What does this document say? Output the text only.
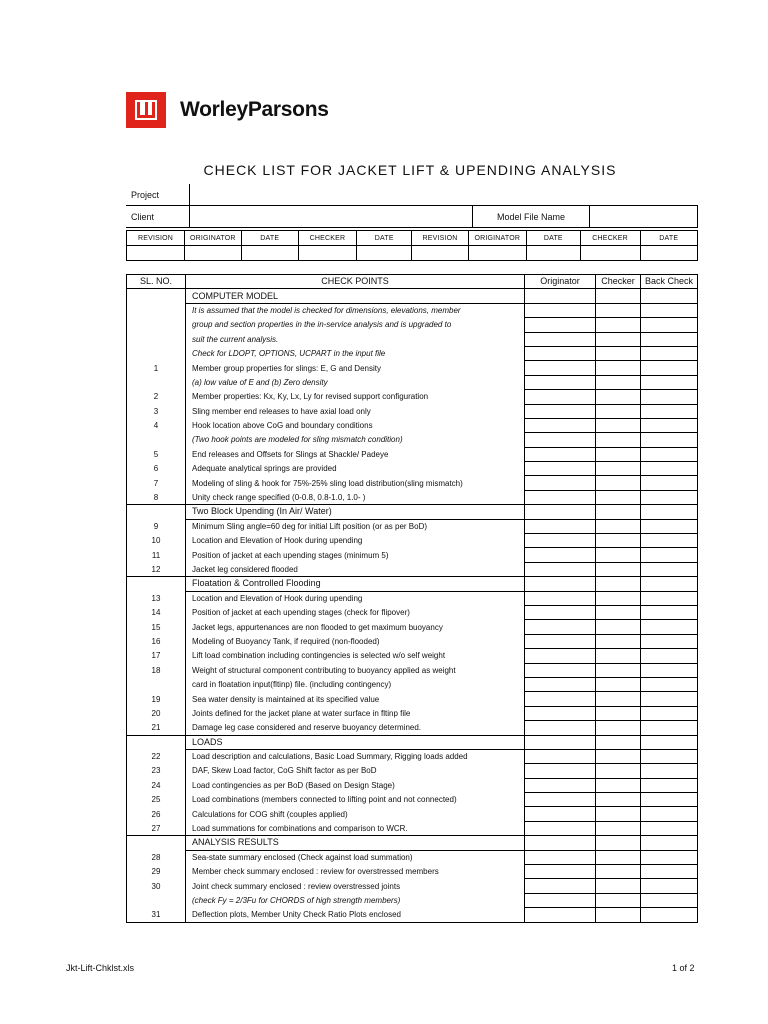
WorleyParsons
CHECK LIST FOR JACKET LIFT & UPENDING ANALYSIS
Project			
Client		Model File Name	
REVISION	ORIGINATOR	DATE	CHECKER	DATE	REVISION	ORIGINATOR	DATE	CHECKER	DATE

SL. NO.	CHECK POINTS	Originator	Checker	Back Check
	COMPUTER MODEL			
	It is assumed that the model is checked for dimensions, elevations, member			
	group and section properties in the in-service analysis and is upgraded to			
	suit the current analysis.			
	Check for LDOPT, OPTIONS, UCPART in the input file			
1	Member group properties for slings: E, G and Density			
	(a) low value of E and (b) Zero density			
2	Member properties: Kx, Ky, Lx, Ly for revised support configuration			
3	Sling member end releases to have axial load only			
4	Hook location above CoG and boundary conditions			
	(Two hook points are modeled for sling mismatch condition)			
5	End releases and Offsets for Slings at Shackle/ Padeye			
6	Adequate analytical springs are provided			
7	Modeling of sling & hook for 75%-25% sling load distribution(sling mismatch)			
8	Unity check range specified (0-0.8, 0.8-1.0, 1.0- )			
	Two Block Upending (In Air/ Water)			
9	Minimum Sling angle=60 deg for initial Lift position (or as per BoD)			
10	Location and Elevation of Hook during upending			
11	Position of jacket at each upending stages (minimum 5)			
12	Jacket leg considered flooded			
	Floatation & Controlled Flooding			
13	Location and Elevation of Hook during upending			
14	Position of jacket at each upending stages (check for flipover)			
15	Jacket legs, appurtenances are non flooded to get maximum buoyancy			
16	Modeling of Buoyancy Tank, if required (non-flooded)			
17	Lift load combination including contingencies is selected w/o self weight			
18	Weight of structural component contributing to buoyancy applied as weight			
	card in floatation input(fltinp) file. (including contingency)			
19	Sea water density is maintained at its specified value			
20	Joints defined for the jacket plane at water surface in fltinp file			
21	Damage leg case considered and reserve buoyancy determined.			
	LOADS			
22	Load description and calculations, Basic Load Summary, Rigging loads added			
23	DAF, Skew Load factor, CoG Shift factor as per BoD			
24	Load contingencies as per BoD (Based on Design Stage)			
25	Load combinations (members connected to lifting point and not connected)			
26	Calculations for COG shift (couples applied)			
27	Load summations for combinations and comparison to WCR.			
	ANALYSIS RESULTS			
28	Sea-state summary enclosed (Check against load summation)			
29	Member check summary enclosed : review for overstressed members			
30	Joint check summary enclosed : review overstressed joints			
	(check Fy = 2/3Fu for CHORDS of high strength members)			
31	Deflection plots, Member Unity Check Ratio Plots enclosed			
Jkt-Lift-Chklst.xls	1 of 2
